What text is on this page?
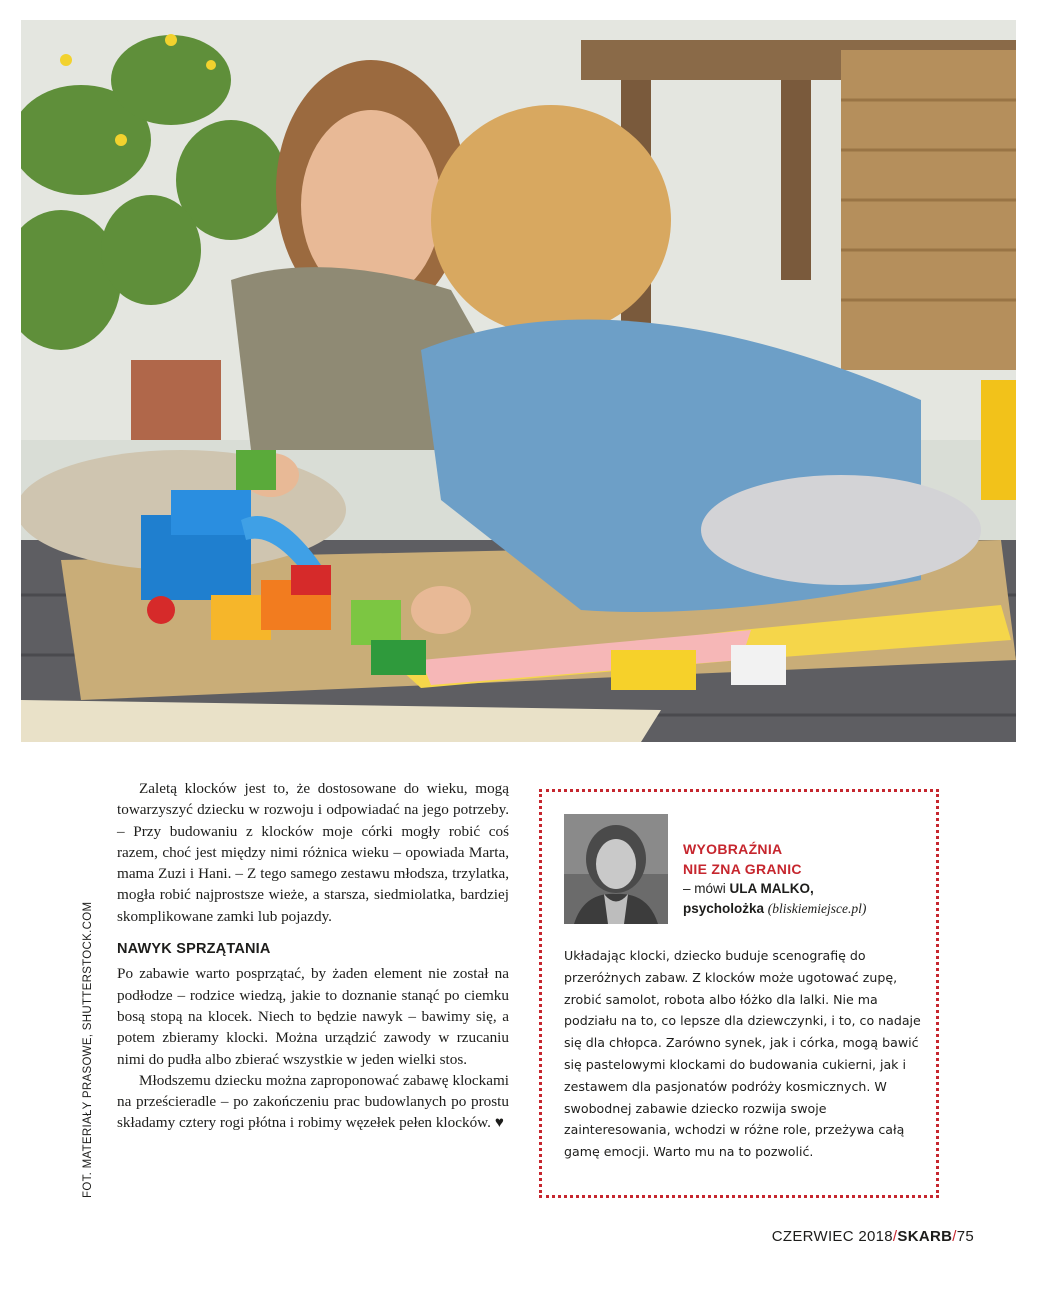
Zaletą klocków jest to, że dostosowane do wieku, mogą towarzyszyć dziecku w rozwoju i odpowiadać na jego potrzeby. – Przy budowaniu z klocków moje córki mogły robić coś razem, choć jest między nimi różnica wieku – opowiada Marta, mama Zuzi i Hani. – Z tego samego zestawu młodsza, trzylatka, mogła robić najprostsze wieże, a starsza, siedmiolatka, bardziej skomplikowane zamki lub pojazdy.

NAWYK SPRZĄTANIA

Po zabawie warto posprzątać, by żaden element nie został na podłodze – rodzice wiedzą, jakie to doznanie stanąć po ciemku bosą stopą na klocek. Niech to będzie nawyk – bawimy się, a potem zbieramy klocki. Można urządzić zawody w rzucaniu nimi do pudła albo zbierać wszystkie w jeden wielki stos.

Młodszemu dziecku można zaproponować zabawę klockami na prześcieradle – po zakończeniu prac budowlanych po prostu składamy cztery rogi płótna i robimy węzełek pełen klocków. ♥

FOT. MATERIAŁY PRASOWE, SHUTTERSTOCK.COM
WYOBRAŹNIA
NIE ZNA GRANIC
– mówi ULA MALKO,
psycholożka (bliskiemiejsce.pl)

Układając klocki, dziecko buduje scenografię do przeróżnych zabaw. Z klocków może ugotować zupę, zrobić samolot, robota albo łóżko dla lalki. Nie ma podziału na to, co lepsze dla dziewczynki, i to, co nadaje się dla chłopca. Zarówno synek, jak i córka, mogą bawić się pastelowymi klockami do budowania cukierni, jak i zestawem dla pasjonatów podróży kosmicznych. W swobodnej zabawie dziecko rozwija swoje zainteresowania, wchodzi w różne role, przeżywa całą gamę emocji. Warto mu na to pozwolić.

CZERWIEC 2018/SKARB/75
